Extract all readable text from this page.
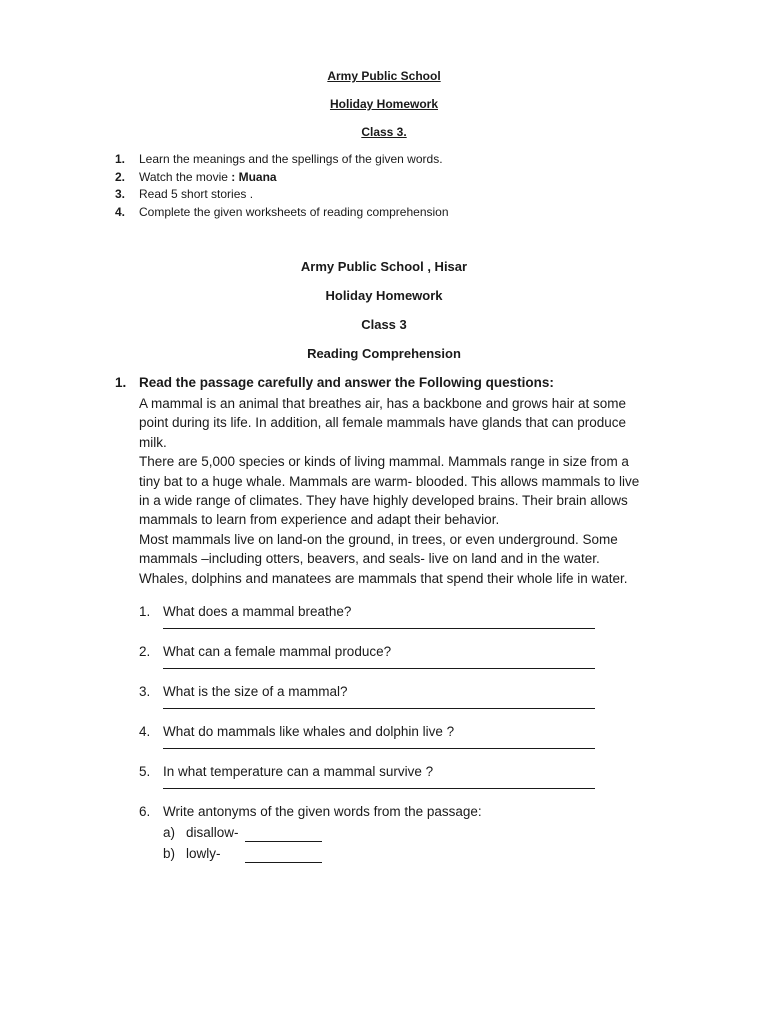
Army Public School
Holiday Homework
Class 3.
1. Learn the meanings and the spellings of the given words.
2. Watch the movie : Muana
3. Read 5 short stories .
4. Complete the given worksheets of reading comprehension
Army Public School , Hisar
Holiday Homework
Class 3
Reading Comprehension
1. Read the passage carefully and answer the Following questions:
A mammal is an animal that breathes air, has a backbone and grows hair at some
point during its life. In addition, all female mammals have glands that can produce
milk.
There are 5,000 species or kinds of living mammal. Mammals range in size from a
tiny bat to a huge whale. Mammals are warm- blooded. This allows mammals to live
in a wide range of climates. They have highly developed brains. Their brain allows
mammals to learn from experience and adapt their behavior.
Most mammals live on land-on the ground, in trees, or even underground. Some
mammals –including otters, beavers, and seals- live on land and in the water.
Whales, dolphins and manatees are mammals that spend their whole life in water.
1. What does a mammal breathe?
2. What can a female mammal produce?
3. What is the size of a mammal?
4. What do mammals like whales and dolphin live ?
5. In what temperature can a mammal survive ?
6. Write antonyms of the given words from the passage:
a) disallow-
b) lowly-
